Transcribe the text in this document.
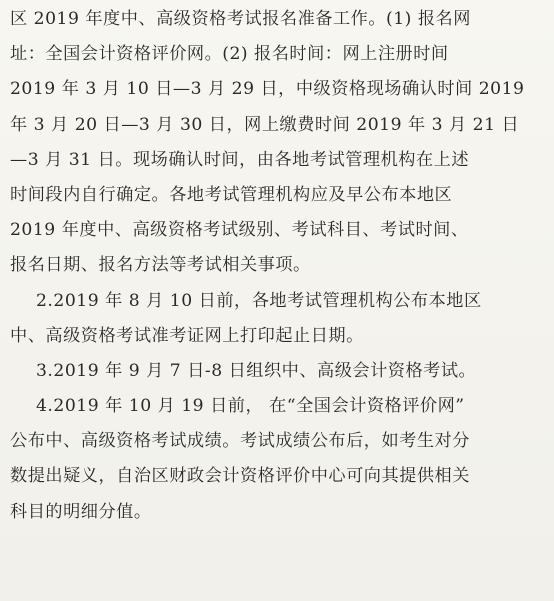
区 2019 年度中、高级资格考试报名准备工作。(1) 报名网
址：全国会计资格评价网。(2) 报名时间：网上注册时间
2019 年 3 月 10 日—3 月 29 日，中级资格现场确认时间 2019
年 3 月 20 日—3 月 30 日，网上缴费时间 2019 年 3 月 21 日
—3 月 31 日。现场确认时间，由各地考试管理机构在上述
时间段内自行确定。各地考试管理机构应及早公布本地区
2019 年度中、高级资格考试级别、考试科目、考试时间、
报名日期、报名方法等考试相关事项。
2.2019 年 8 月 10 日前，各地考试管理机构公布本地区
中、高级资格考试准考证网上打印起止日期。
3.2019 年 9 月 7 日-8 日组织中、高级会计资格考试。
4.2019 年 10 月 19 日前， 在“全国会计资格评价网”
公布中、高级资格考试成绩。考试成绩公布后，如考生对分
数提出疑义，自治区财政会计资格评价中心可向其提供相关
科目的明细分值。
